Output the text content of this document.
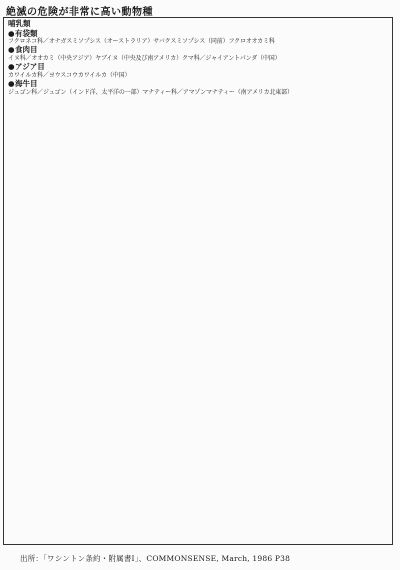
絶滅の危険が非常に高い動物種
哺乳類
●有袋類
フクロネコ科／オナガスミソプシス（オーストラリア）サバクスミソプシス（同前）フクロオオカミ科
●食肉目
イヌ科／オオカミ（中央アジア）ヤブイヌ（中央及び南アメリカ）クマ科／ジャイアントパンダ（中国）
●アジア目
カワイルカ科／ヨウスコウカワイルカ（中国）
●海牛目
ジュゴン科／ジュゴン（インド洋、太平洋の一部）マナティー科／アマゾンマナティー（南アメリカ北東部）
出所：「ワシントン条約・附属書Ⅰ」、COMMONSENSE, March, 1986 P38
